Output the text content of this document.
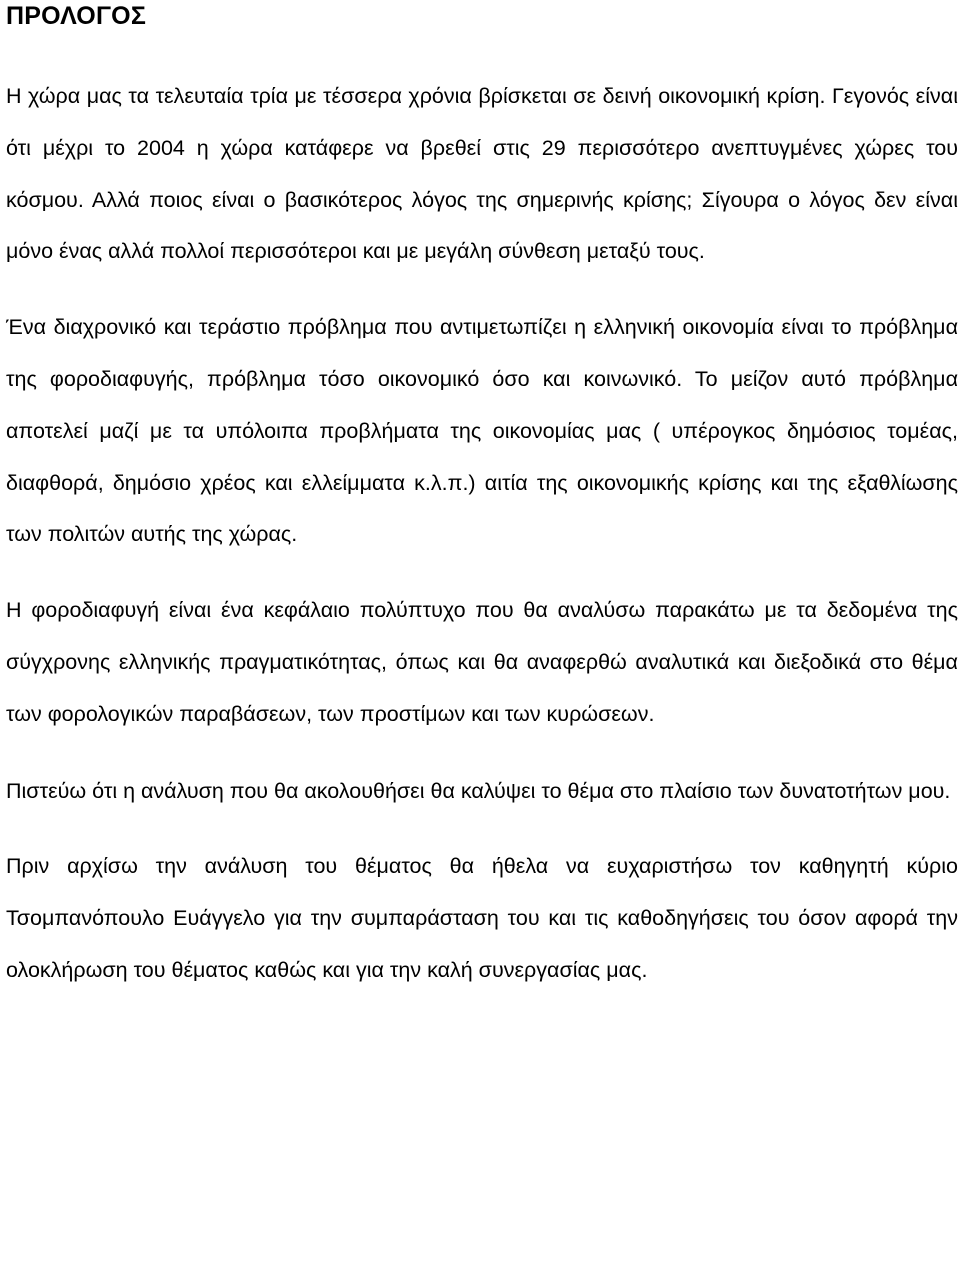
ΠΡΟΛΟΓΟΣ

Η χώρα μας τα τελευταία τρία με τέσσερα χρόνια βρίσκεται σε δεινή οικονομική κρίση. Γεγονός είναι ότι μέχρι το 2004 η χώρα κατάφερε να βρεθεί στις 29 περισσότερο ανεπτυγμένες χώρες του κόσμου. Αλλά ποιος είναι ο βασικότερος λόγος της σημερινής κρίσης; Σίγουρα ο λόγος δεν είναι μόνο ένας αλλά πολλοί περισσότεροι και με μεγάλη σύνθεση μεταξύ τους.

Ένα διαχρονικό και τεράστιο πρόβλημα που αντιμετωπίζει η ελληνική οικονομία είναι το πρόβλημα της φοροδιαφυγής, πρόβλημα τόσο οικονομικό όσο και κοινωνικό. Το μείζον αυτό πρόβλημα αποτελεί μαζί με τα υπόλοιπα προβλήματα της οικονομίας μας ( υπέρογκος δημόσιος τομέας, διαφθορά, δημόσιο χρέος και ελλείμματα κ.λ.π.) αιτία της οικονομικής κρίσης και της εξαθλίωσης των πολιτών αυτής της χώρας.

Η φοροδιαφυγή είναι ένα κεφάλαιο πολύπτυχο που θα αναλύσω παρακάτω με τα δεδομένα της σύγχρονης ελληνικής πραγματικότητας, όπως και θα αναφερθώ αναλυτικά και διεξοδικά στο θέμα των φορολογικών παραβάσεων, των προστίμων και των κυρώσεων.

Πιστεύω ότι η ανάλυση που θα ακολουθήσει θα καλύψει το θέμα στο πλαίσιο των δυνατοτήτων μου.

Πριν αρχίσω την ανάλυση του θέματος θα ήθελα να ευχαριστήσω τον καθηγητή κύριο Τσομπανόπουλο Ευάγγελο για την συμπαράσταση του και τις καθοδηγήσεις του όσον αφορά την ολοκλήρωση του θέματος καθώς και για την καλή συνεργασίας μας.
